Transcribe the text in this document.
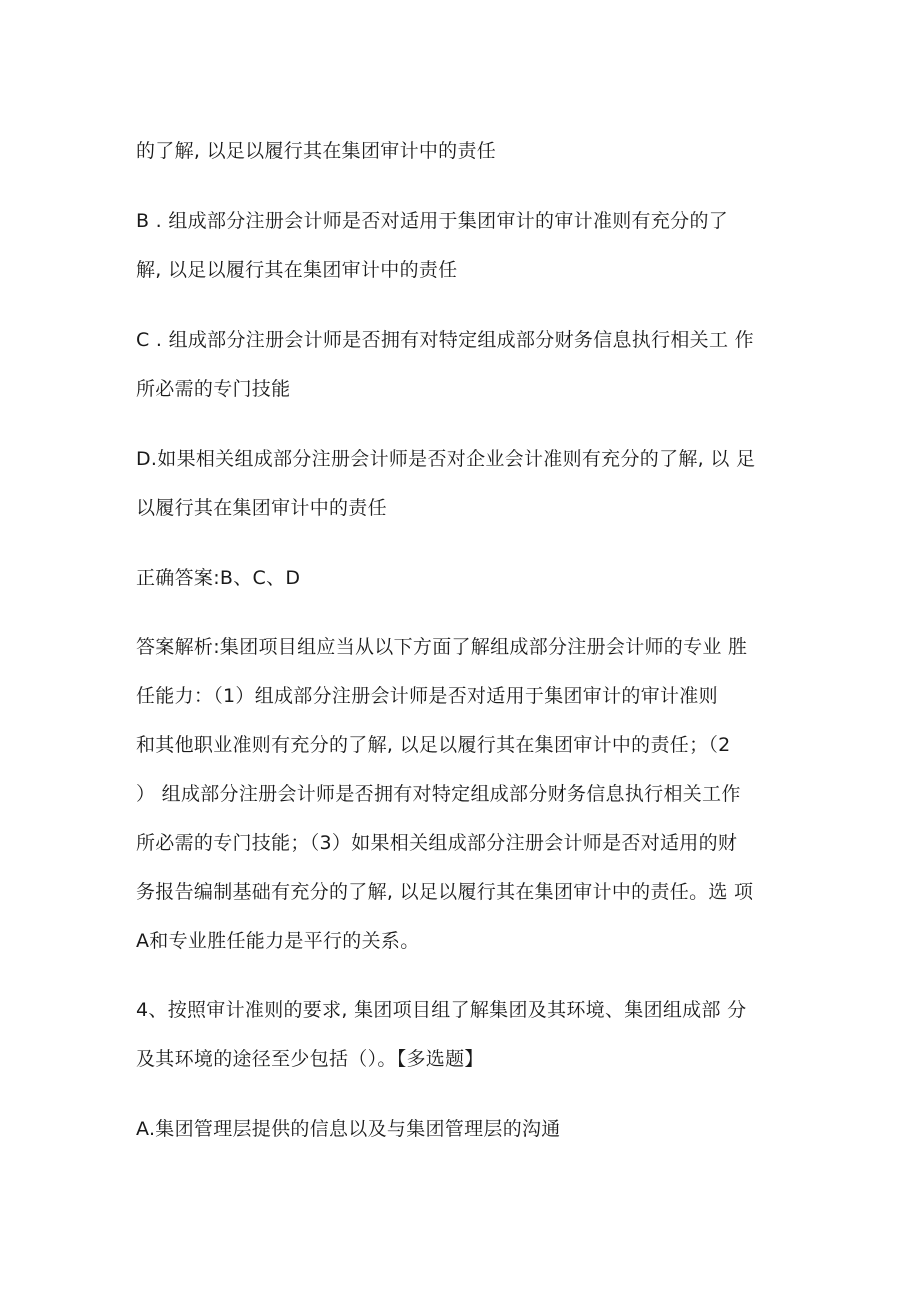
的了解, 以足以履行其在集团审计中的责任
B . 组成部分注册会计师是否对适用于集团审计的审计准则有充分的了
解, 以足以履行其在集团审计中的责任
C . 组成部分注册会计师是否拥有对特定组成部分财务信息执行相关工 作
所必需的专门技能
D.如果相关组成部分注册会计师是否对企业会计准则有充分的了解, 以 足
以履行其在集团审计中的责任
正确答案:B、C、D
答案解析:集团项目组应当从以下方面了解组成部分注册会计师的专业 胜
任能力：（1）组成部分注册会计师是否对适用于集团审计的审计准则
和其他职业准则有充分的了解, 以足以履行其在集团审计中的责任；（2
） 组成部分注册会计师是否拥有对特定组成部分财务信息执行相关工作
所必需的专门技能；（3）如果相关组成部分注册会计师是否对适用的财
务报告编制基础有充分的了解, 以足以履行其在集团审计中的责任。选 项
A和专业胜任能力是平行的关系。
4、按照审计准则的要求, 集团项目组了解集团及其环境、集团组成部 分
及其环境的途径至少包括（）。【多选题】
A.集团管理层提供的信息以及与集团管理层的沟通
